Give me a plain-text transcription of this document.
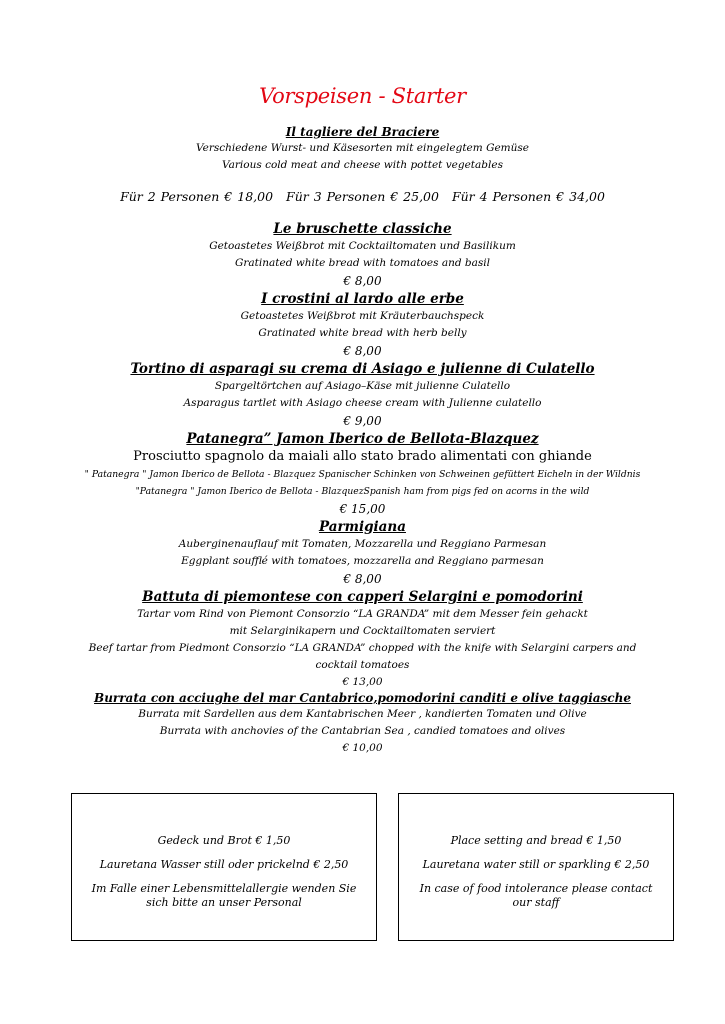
Vorspeisen - Starter
Il tagliere del Braciere
Verschiedene Wurst- und Käsesorten mit eingelegtem Gemüse
Various cold meat and cheese with pottet vegetables
Für 2 Personen € 18,00 Für 3 Personen € 25,00 Für 4 Personen € 34,00
Le bruschette classiche
Getoastetes Weißbrot mit Cocktailtomaten und Basilikum
Gratinated white bread with tomatoes and basil
€ 8,00
I crostini al lardo alle erbe
Getoastetes Weißbrot mit Kräuterbauchspeck
Gratinated white bread with herb belly
€ 8,00
Tortino di asparagi su crema di Asiago e julienne di Culatello
Spargeltörtchen auf Asiago–Käse mit julienne Culatello
Asparagus tartlet with Asiago cheese cream with Julienne culatello
€ 9,00
Patanegra” Jamon Iberico de Bellota-Blazquez
Prosciutto spagnolo da maiali allo stato brado alimentati con ghiande
" Patanegra " Jamon Iberico de Bellota - Blazquez Spanischer Schinken von Schweinen gefüttert Eicheln in der Wildnis
"Patanegra " Jamon Iberico de Bellota - BlazquezSpanish ham from pigs fed on acorns in the wild
€ 15,00
Parmigiana
Auberginenauflauf mit Tomaten, Mozzarella und Reggiano Parmesan
Eggplant soufflé with tomatoes, mozzarella and Reggiano parmesan
€ 8,00
Battuta di piemontese con capperi Selargini e pomodorini
Tartar vom Rind von Piemont Consorzio “LA GRANDA” mit dem Messer fein gehackt
mit Selarginikapern und Cocktailtomaten serviert
Beef tartar from Piedmont Consorzio “LA GRANDA” chopped with the knife with Selargini carpers and
cocktail tomatoes
€ 13,00
Burrata con acciughe del mar Cantabrico,pomodorini canditi e olive taggiasche
Burrata mit Sardellen aus dem Kantabrischen Meer , kandierten Tomaten und Olive
Burrata with anchovies of the Cantabrian Sea , candied tomatoes and olives
€ 10,00

Gedeck und Brot € 1,50

Lauretana Wasser still oder prickelnd € 2,50

Im Falle einer Lebensmittelallergie wenden Sie sich bitte an unser Personal

Place setting and bread € 1,50

Lauretana water still or sparkling € 2,50

In case of food intolerance please contact our staff
